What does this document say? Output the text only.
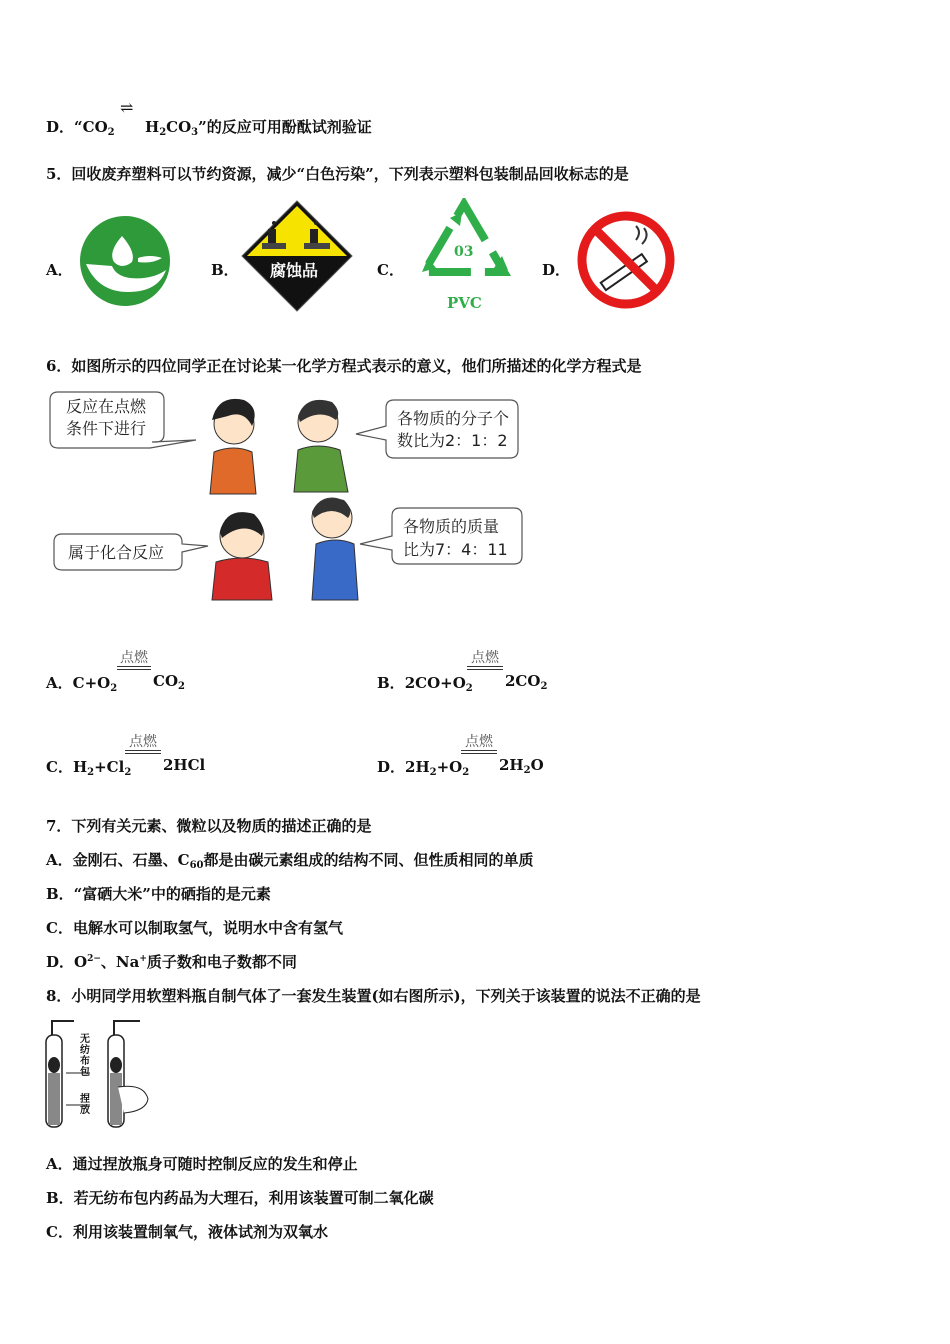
D．“$CO_2$
⇌
$H_2CO_3$”的反应可用酚酞试剂验证
5．回收废弃塑料可以节约资源，减少“白色污染”，下列表示塑料包装制品回收标志的是
A．	B． 腐蚀品	C．
03
PVC
D．
6．如图所示的四位同学正在讨论某一化学方程式表示的意义，他们所描述的化学方程式是
反应在点燃
条件下进行
各物质的分子个
数比为2：1：2
属于化合反应
各物质的质量
比为7：4：11
A．$C+O_2$
点燃
$CO_2$	B．$2CO+O_2$
点燃
$2CO_2$
C．$H_2+Cl_2$
点燃
2HCl	D．$2H_2+O_2$
点燃
$2H_2O$
7．下列有关元素、微粒以及物质的描述正确的是
A．金刚石、石墨、$C_{60}$都是由碳元素组成的结构不同、但性质相同的单质
B．“富硒大米”中的硒指的是元素
C．电解水可以制取氢气，说明水中含有氢气
D．$O^{2-}$、Na+质子数和电子数都不同
8．小明同学用软塑料瓶自制气体了一套发生装置(如右图所示)，下列关于该装置的说法不正确的是
无纺布包
捏放
A．通过捏放瓶身可随时控制反应的发生和停止
B．若无纺布包内药品为大理石，利用该装置可制二氧化碳
C．利用该装置制氧气，液体试剂为双氧水
